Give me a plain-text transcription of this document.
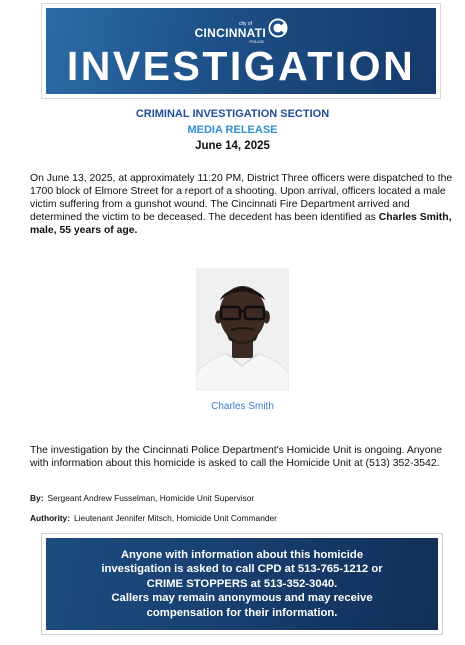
city of
CINCINNATI
POLICE
INVESTIGATION
CRIMINAL INVESTIGATION SECTION
MEDIA RELEASE
June 14, 2025

On June 13, 2025, at approximately 11:20 PM, District Three officers were dispatched to the 1700 block of Elmore Street for a report of a shooting. Upon arrival, officers located a male victim suffering from a gunshot wound. The Cincinnati Fire Department arrived and determined the victim to be deceased. The decedent has been identified as Charles Smith, male, 55 years of age.

Charles Smith

The investigation by the Cincinnati Police Department's Homicide Unit is ongoing. Anyone with information about this homicide is asked to call the Homicide Unit at (513) 352-3542.

By: Sergeant Andrew Fusselman, Homicide Unit Supervisor
Authority: Lieutenant Jennifer Mitsch, Homicide Unit Commander
Anyone with information about this homicide
investigation is asked to call CPD at 513-765-1212 or
CRIME STOPPERS at 513-352-3040.
Callers may remain anonymous and may receive
compensation for their information.
